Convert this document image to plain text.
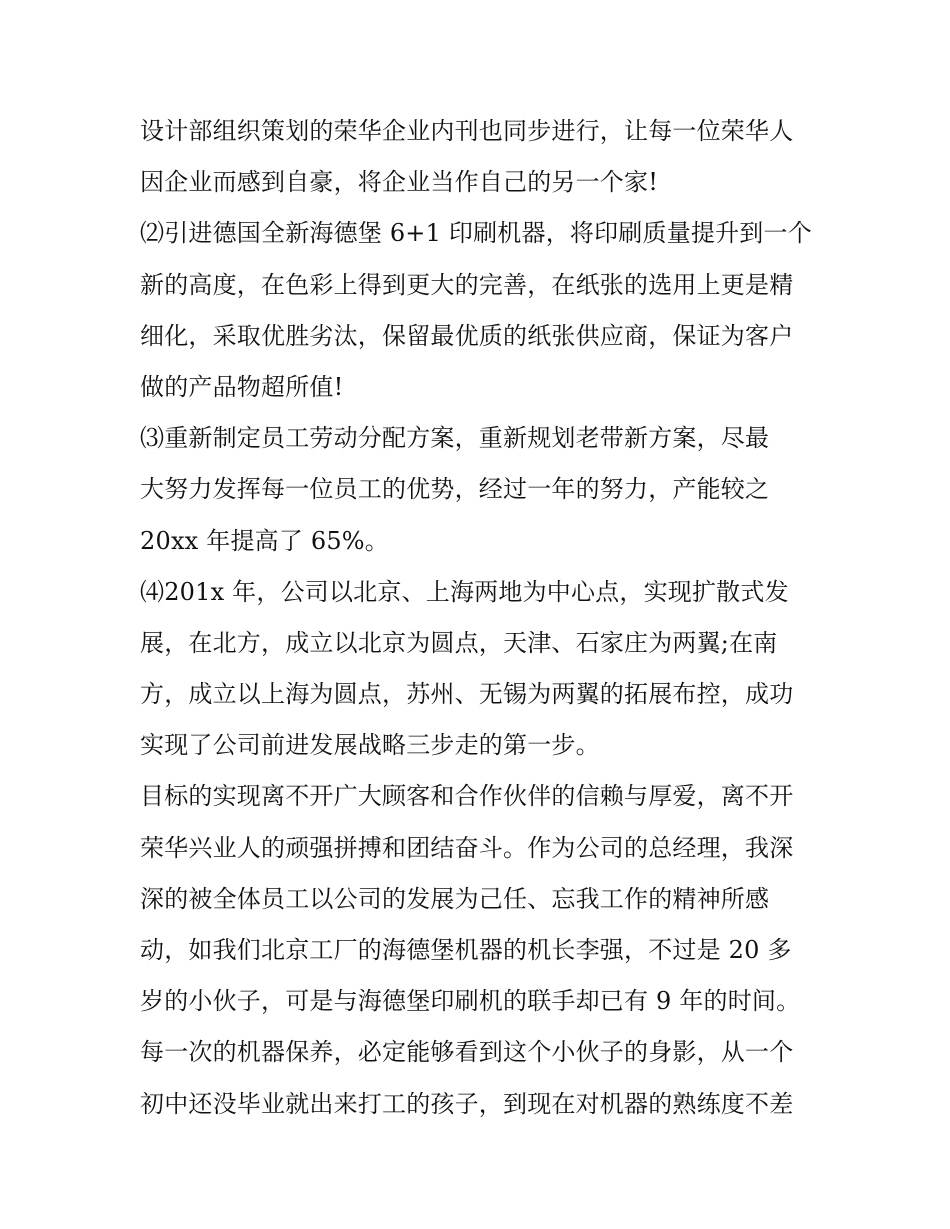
设计部组织策划的荣华企业内刊也同步进行，让每一位荣华人
因企业而感到自豪，将企业当作自己的另一个家!
⑵引进德国全新海德堡 6+1 印刷机器，将印刷质量提升到一个
新的高度，在色彩上得到更大的完善，在纸张的选用上更是精
细化，采取优胜劣汰，保留最优质的纸张供应商，保证为客户
做的产品物超所值!
⑶重新制定员工劳动分配方案，重新规划老带新方案，尽最
大努力发挥每一位员工的优势，经过一年的努力，产能较之
20xx 年提高了 65%。
⑷201x 年，公司以北京、上海两地为中心点，实现扩散式发
展，在北方，成立以北京为圆点，天津、石家庄为两翼;在南
方，成立以上海为圆点，苏州、无锡为两翼的拓展布控，成功
实现了公司前进发展战略三步走的第一步。
目标的实现离不开广大顾客和合作伙伴的信赖与厚爱，离不开
荣华兴业人的顽强拼搏和团结奋斗。作为公司的总经理，我深
深的被全体员工以公司的发展为己任、忘我工作的精神所感
动，如我们北京工厂的海德堡机器的机长李强，不过是 20 多
岁的小伙子，可是与海德堡印刷机的联手却已有 9 年的时间。
每一次的机器保养，必定能够看到这个小伙子的身影，从一个
初中还没毕业就出来打工的孩子，到现在对机器的熟练度不差
